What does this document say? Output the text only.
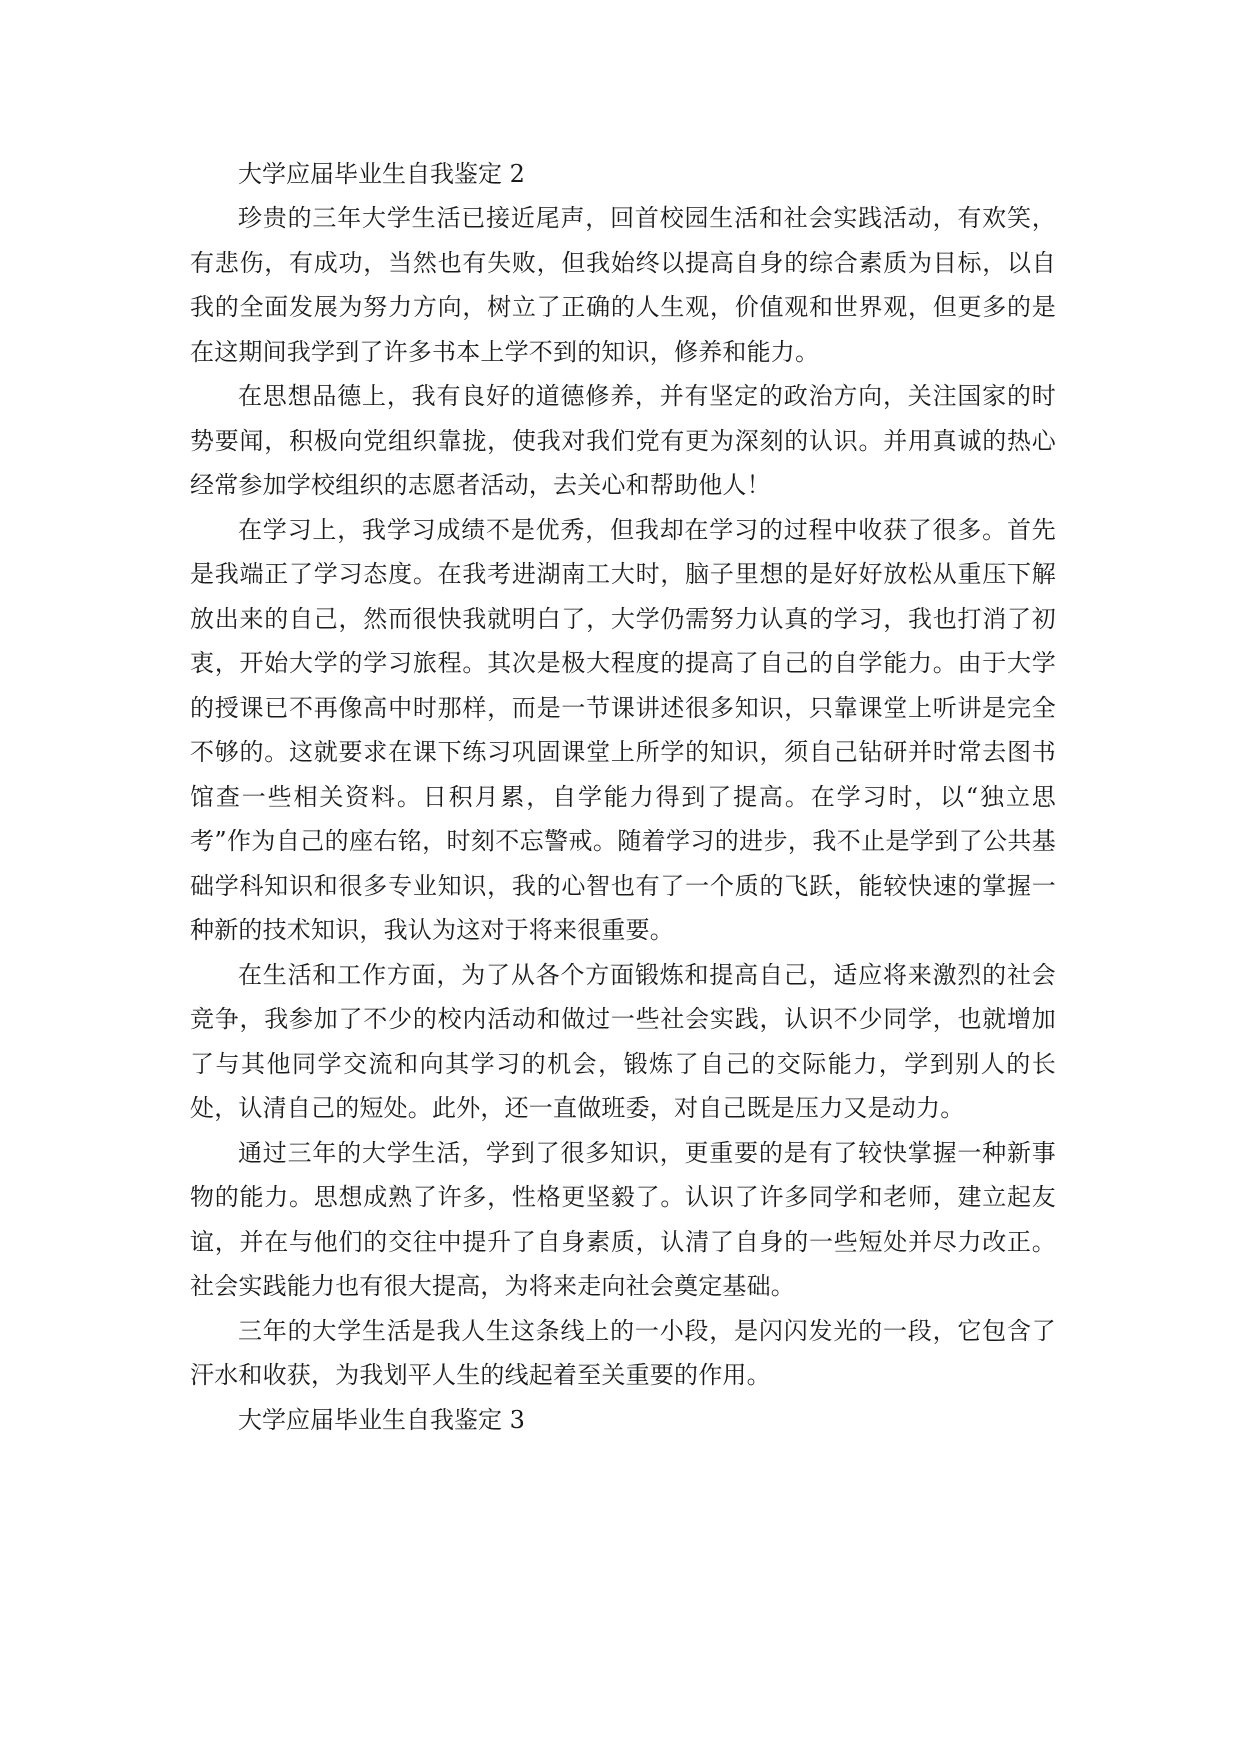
大学应届毕业生自我鉴定 2

珍贵的三年大学生活已接近尾声，回首校园生活和社会实践活动，有欢笑，有悲伤，有成功，当然也有失败，但我始终以提高自身的综合素质为目标，以自我的全面发展为努力方向，树立了正确的人生观，价值观和世界观，但更多的是在这期间我学到了许多书本上学不到的知识，修养和能力。

在思想品德上，我有良好的道德修养，并有坚定的政治方向，关注国家的时势要闻，积极向党组织靠拢，使我对我们党有更为深刻的认识。并用真诚的热心经常参加学校组织的志愿者活动，去关心和帮助他人！

在学习上，我学习成绩不是优秀，但我却在学习的过程中收获了很多。首先是我端正了学习态度。在我考进湖南工大时，脑子里想的是好好放松从重压下解放出来的自己，然而很快我就明白了，大学仍需努力认真的学习，我也打消了初衷，开始大学的学习旅程。其次是极大程度的提高了自己的自学能力。由于大学的授课已不再像高中时那样，而是一节课讲述很多知识，只靠课堂上听讲是完全不够的。这就要求在课下练习巩固课堂上所学的知识，须自己钻研并时常去图书馆查一些相关资料。日积月累，自学能力得到了提高。在学习时，以“独立思考”作为自己的座右铭，时刻不忘警戒。随着学习的进步，我不止是学到了公共基础学科知识和很多专业知识，我的心智也有了一个质的飞跃，能较快速的掌握一种新的技术知识，我认为这对于将来很重要。

在生活和工作方面，为了从各个方面锻炼和提高自己，适应将来激烈的社会竞争，我参加了不少的校内活动和做过一些社会实践，认识不少同学，也就增加了与其他同学交流和向其学习的机会，锻炼了自己的交际能力，学到别人的长处，认清自己的短处。此外，还一直做班委，对自己既是压力又是动力。

通过三年的大学生活，学到了很多知识，更重要的是有了较快掌握一种新事物的能力。思想成熟了许多，性格更坚毅了。认识了许多同学和老师，建立起友谊，并在与他们的交往中提升了自身素质，认清了自身的一些短处并尽力改正。社会实践能力也有很大提高，为将来走向社会奠定基础。

三年的大学生活是我人生这条线上的一小段，是闪闪发光的一段，它包含了汗水和收获，为我划平人生的线起着至关重要的作用。

大学应届毕业生自我鉴定 3
